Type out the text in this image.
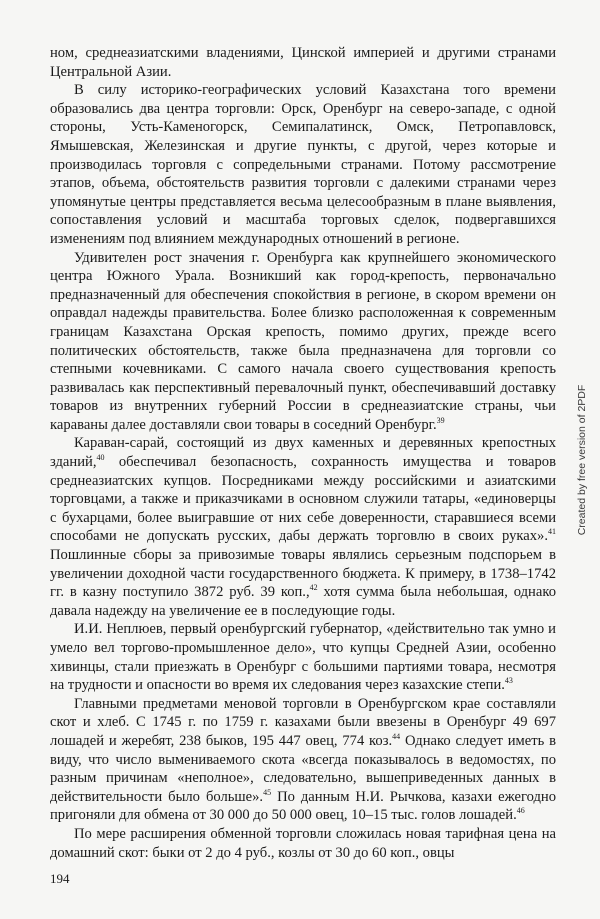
ном, среднеазиатскими владениями, Цинской империей и другими странами Центральной Азии.

В силу историко-географических условий Казахстана того времени образовались два центра торговли: Орск, Оренбург на северо-западе, с одной стороны, Усть-Каменогорск, Семипалатинск, Омск, Петропавловск, Ямышевская, Железинская и другие пункты, с другой, через которые и производилась торговля с сопредельными странами. Потому рассмотрение этапов, объема, обстоятельств развития торговли с далекими странами через упомянутые центры представляется весьма целесообразным в плане выявления, сопоставления условий и масштаба торговых сделок, подвергавшихся изменениям под влиянием международных отношений в регионе.

Удивителен рост значения г. Оренбурга как крупнейшего экономического центра Южного Урала. Возникший как город-крепость, первоначально предназначенный для обеспечения спокойствия в регионе, в скором времени он оправдал надежды правительства. Более близко расположенная к современным границам Казахстана Орская крепость, помимо других, прежде всего политических обстоятельств, также была предназначена для торговли со степными кочевниками. С самого начала своего существования крепость развивалась как перспективный перевалочный пункт, обеспечивавший доставку товаров из внутренних губерний России в среднеазиатские страны, чьи караваны далее доставляли свои товары в соседний Оренбург.$^{39}$

Караван-сарай, состоящий из двух каменных и деревянных крепостных зданий,$^{40}$ обеспечивал безопасность, сохранность имущества и товаров среднеазиатских купцов. Посредниками между российскими и азиатскими торговцами, а также и приказчиками в основном служили татары, «единоверцы с бухарцами, более выигравшие от них себе доверенности, старавшиеся всеми способами не допускать русских, дабы держать торговлю в своих руках».$^{41}$ Пошлинные сборы за привозимые товары являлись серьезным подспорьем в увеличении доходной части государственного бюджета. К примеру, в 1738–1742 гг. в казну поступило 3872 руб. 39 коп.,$^{42}$ хотя сумма была небольшая, однако давала надежду на увеличение ее в последующие годы.

И.И. Неплюев, первый оренбургский губернатор, «действительно так умно и умело вел торгово-промышленное дело», что купцы Средней Азии, особенно хивинцы, стали приезжать в Оренбург с большими партиями товара, несмотря на трудности и опасности во время их следования через казахские степи.$^{43}$

Главными предметами меновой торговли в Оренбургском крае составляли скот и хлеб. С 1745 г. по 1759 г. казахами были ввезены в Оренбург 49 697 лошадей и жеребят, 238 быков, 195 447 овец, 774 коз.$^{44}$ Однако следует иметь в виду, что число вымениваемого скота «всегда показывалось в ведомостях, по разным причинам «неполное», следовательно, вышеприведенных данных в действительности было больше».$^{45}$ По данным Н.И. Рычкова, казахи ежегодно пригоняли для обмена от 30 000 до 50 000 овец, 10–15 тыс. голов лошадей.$^{46}$

По мере расширения обменной торговли сложилась новая тарифная цена на домашний скот: быки от 2 до 4 руб., козлы от 30 до 60 коп., овцы

194
Created by free version of 2PDF
